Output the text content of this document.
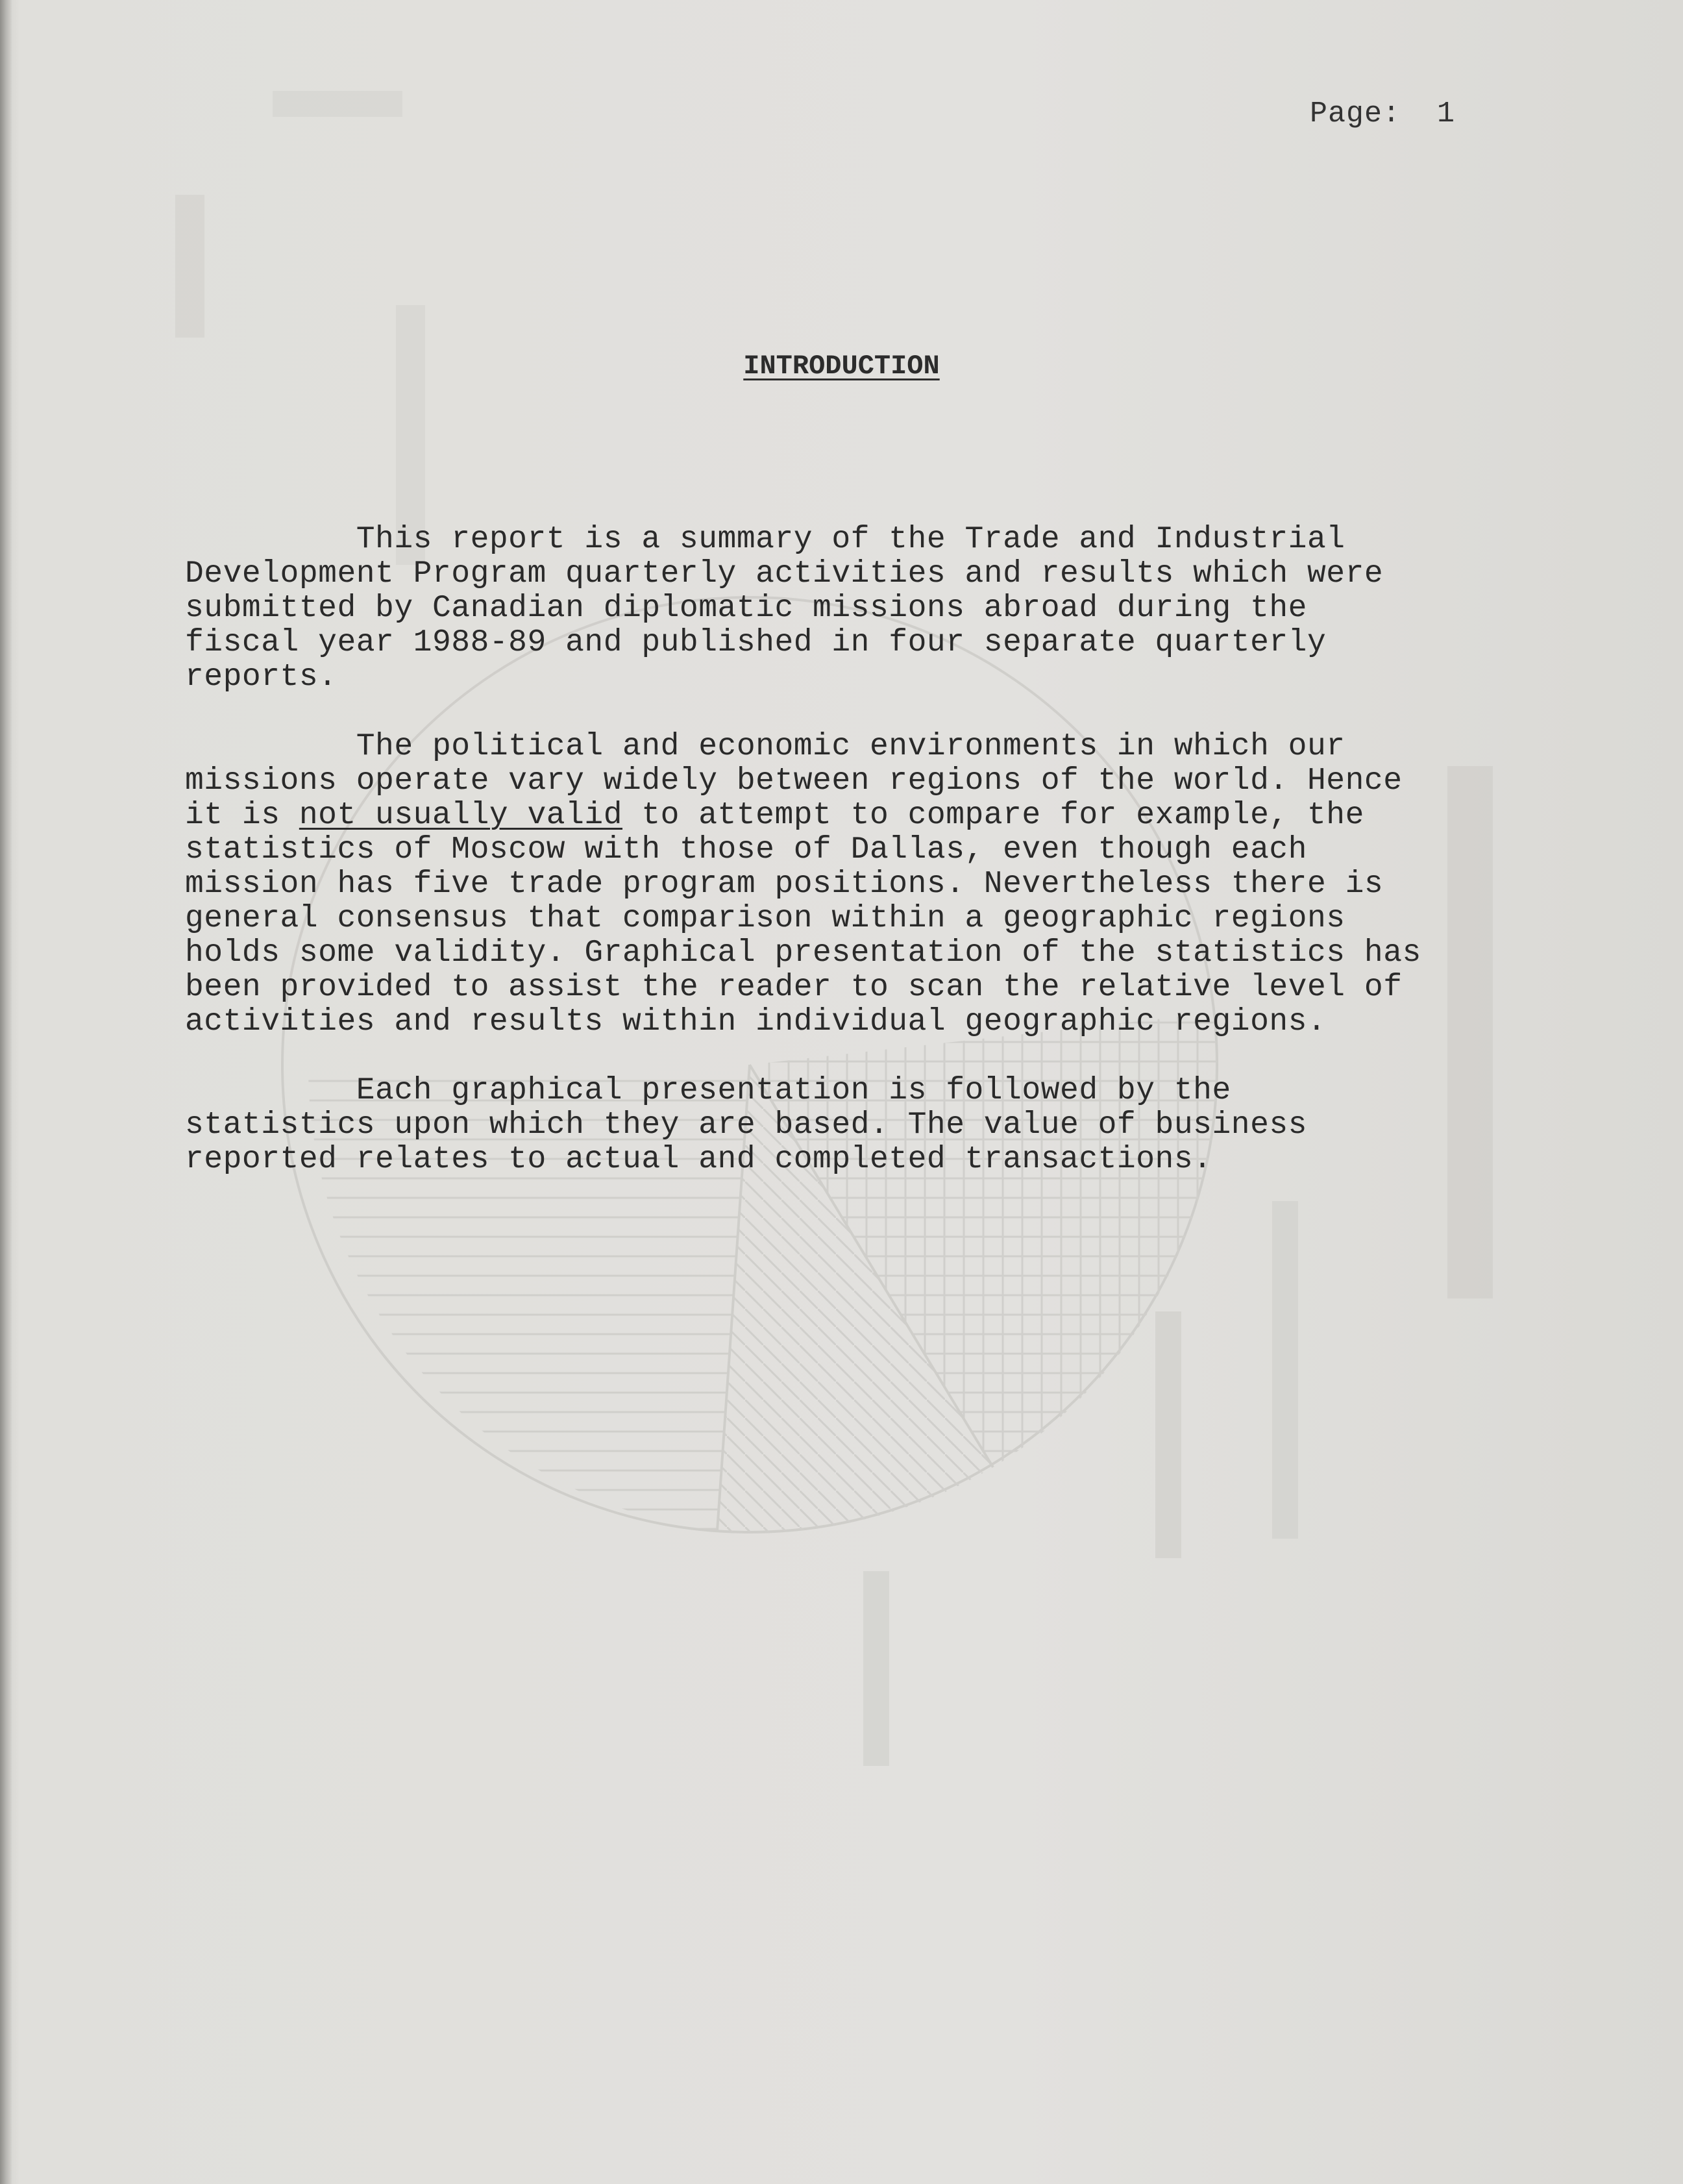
Page:  1
INTRODUCTION
This report is a summary of the Trade and Industrial
Development Program quarterly activities and results which were
submitted by Canadian diplomatic missions abroad during the
fiscal year 1988-89 and published in four separate quarterly
reports.
The political and economic environments in which our
missions operate vary widely between regions of the world. Hence
it is not usually valid to attempt to compare for example, the
statistics of Moscow with those of Dallas, even though each
mission has five trade program positions. Nevertheless there is
general consensus that comparison within a geographic regions
holds some validity. Graphical presentation of the statistics has
been provided to assist the reader to scan the relative level of
activities and results within individual geographic regions.
Each graphical presentation is followed by the
statistics upon which they are based. The value of business
reported relates to actual and completed transactions.
